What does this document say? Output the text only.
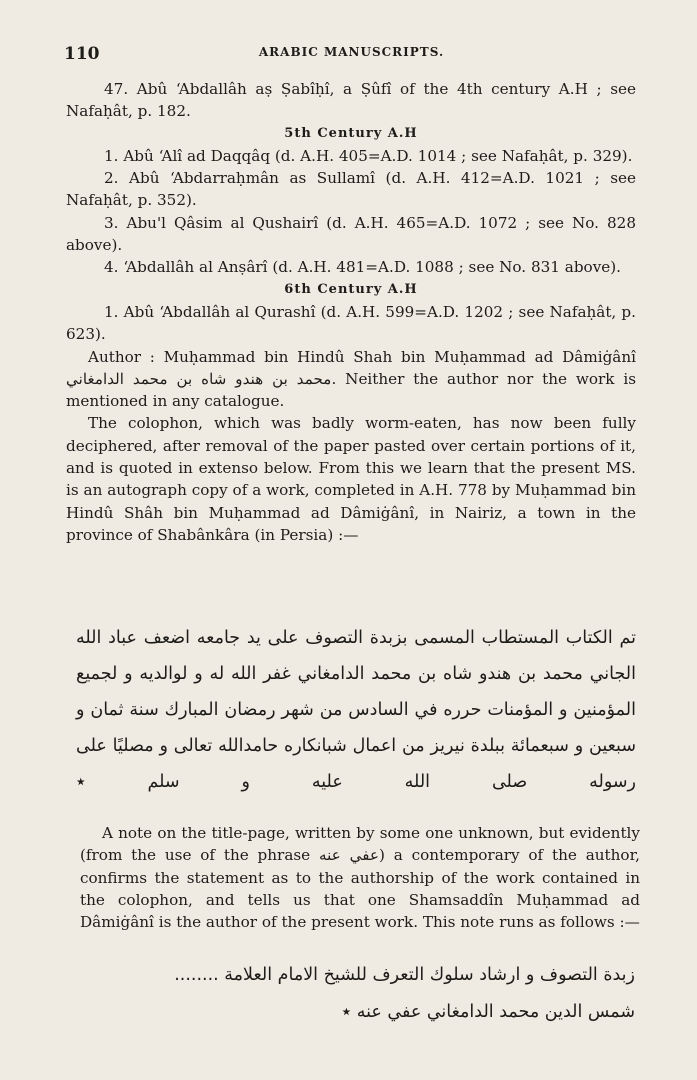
110	ARABIC MANUSCRIPTS.

47. Abû ‘Abdallâh aṣ Ṣabîḥî, a Ṣûfî of the 4th century A.H ; see Nafaḥât, p. 182.

5th Century A.H

1. Abû ‘Alî ad Daqqâq (d. A.H. 405=A.D. 1014 ; see Nafaḥât, p. 329).

2. Abû ‘Abdarraḥmân as Sullamî (d. A.H. 412=A.D. 1021 ; see Nafaḥât, p. 352).

3. Abu'l Qâsim al Qushairî (d. A.H. 465=A.D. 1072 ; see No. 828 above).

4. ‘Abdallâh al Anṣârî (d. A.H. 481=A.D. 1088 ; see No. 831 above).

6th Century A.H

1. Abû ‘Abdallâh al Qurashî (d. A.H. 599=A.D. 1202 ; see Nafaḥât, p. 623).

Author : Muḥammad bin Hindû Shah bin Muḥammad ad Dâmiġânî محمد بن هندو شاه بن محمد الدامغاني. Neither the author nor the work is mentioned in any catalogue.

The colophon, which was badly worm-eaten, has now been fully deciphered, after removal of the paper pasted over certain portions of it, and is quoted in extenso below. From this we learn that the present MS. is an autograph copy of a work, completed in A.H. 778 by Muḥammad bin Hindû Shâh bin Muḥammad ad Dâmiġânî, in Nairiz, a town in the province of Shabânkâra (in Persia) :—

تم الكتاب المستطاب المسمى بزبدة التصوف على يد جامعه اضعف عباد الله الجاني محمد بن هندو شاه بن محمد الدامغاني غفر الله له و لوالديه و لجميع المؤمنين و المؤمنات حرره في السادس من شهر رمضان المبارك سنة ثمان و سبعين و سبعمائة ببلدة نيريز من اعمال شبانكاره حامدالله تعالى و مصليًا على رسوله صلى الله عليه و سلم ٭

A note on the title-page, written by some one unknown, but evidently (from the use of the phrase عفي عنه) a contemporary of the author, confirms the statement as to the authorship of the work contained in the colophon, and tells us that one Shamsaddîn Muḥammad ad Dâmiġânî is the author of the present work. This note runs as follows :—

زبدة التصوف و ارشاد سلوك التعرف للشيخ الامام العلامة ........

شمس الدين محمد الدامغاني عفي عنه ٭
